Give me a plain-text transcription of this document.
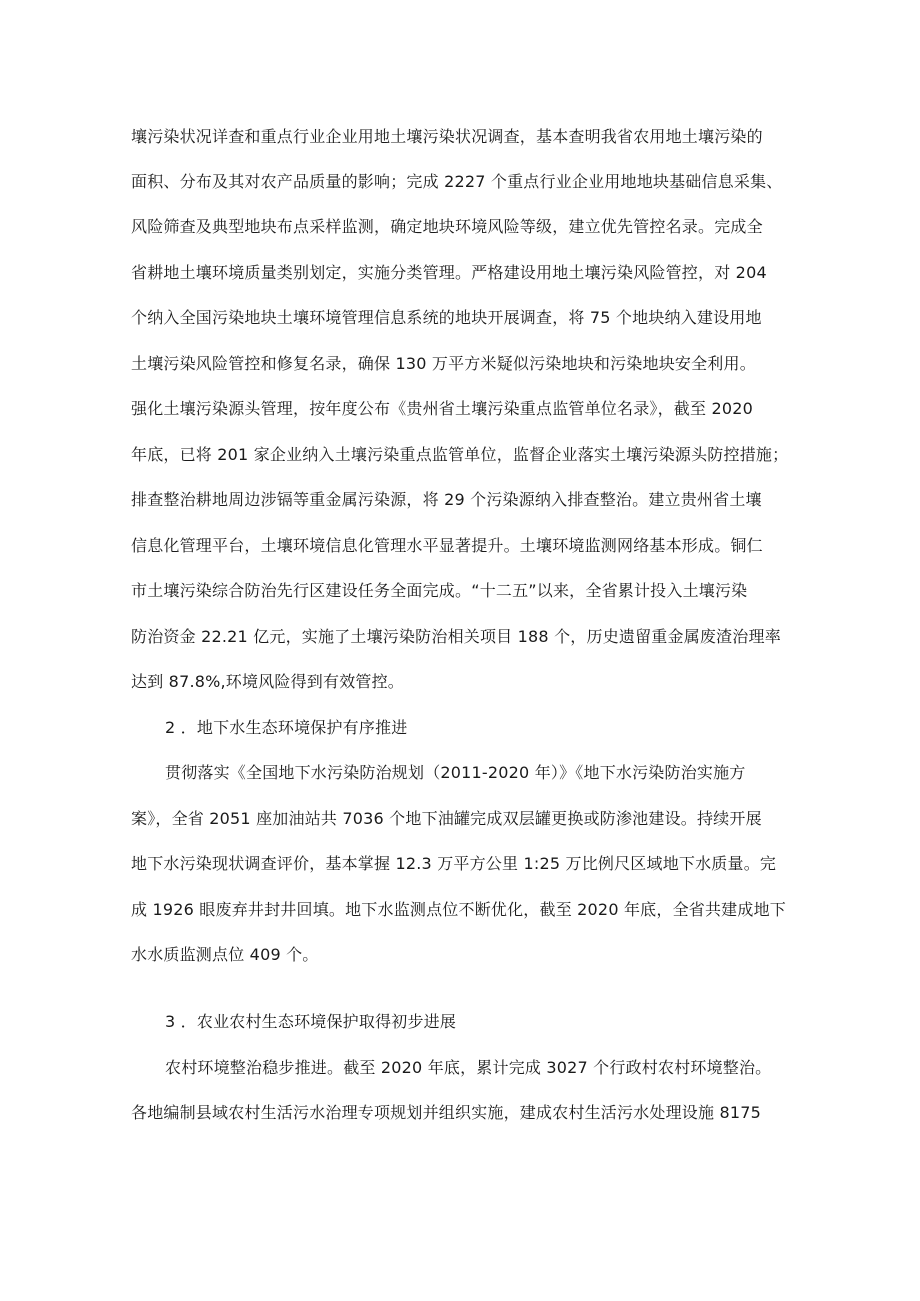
壤污染状况详查和重点行业企业用地土壤污染状况调查，基本查明我省农用地土壤污染的
面积、分布及其对农产品质量的影响；完成 2227 个重点行业企业用地地块基础信息采集、
风险筛查及典型地块布点采样监测，确定地块环境风险等级，建立优先管控名录。完成全
省耕地土壤环境质量类别划定，实施分类管理。严格建设用地土壤污染风险管控，对 204
个纳入全国污染地块土壤环境管理信息系统的地块开展调查，将 75 个地块纳入建设用地
土壤污染风险管控和修复名录，确保 130 万平方米疑似污染地块和污染地块安全利用。
强化土壤污染源头管理，按年度公布《贵州省土壤污染重点监管单位名录》，截至 2020
年底，已将 201 家企业纳入土壤污染重点监管单位，监督企业落实土壤污染源头防控措施；
排查整治耕地周边涉镉等重金属污染源，将 29 个污染源纳入排查整治。建立贵州省土壤
信息化管理平台，土壤环境信息化管理水平显著提升。土壤环境监测网络基本形成。铜仁
市土壤污染综合防治先行区建设任务全面完成。“十二五”以来，全省累计投入土壤污染
防治资金 22.21 亿元，实施了土壤污染防治相关项目 188 个，历史遗留重金属废渣治理率
达到 87.8%,环境风险得到有效管控。
2 ．地下水生态环境保护有序推进
贯彻落实《全国地下水污染防治规划（2011-2020 年）》《地下水污染防治实施方
案》，全省 2051 座加油站共 7036 个地下油罐完成双层罐更换或防渗池建设。持续开展
地下水污染现状调查评价，基本掌握 12.3 万平方公里 1:25 万比例尺区域地下水质量。完
成 1926 眼废弃井封井回填。地下水监测点位不断优化，截至 2020 年底，全省共建成地下
水水质监测点位 409 个。
3 ．农业农村生态环境保护取得初步进展
农村环境整治稳步推进。截至 2020 年底，累计完成 3027 个行政村农村环境整治。
各地编制县域农村生活污水治理专项规划并组织实施，建成农村生活污水处理设施 8175
